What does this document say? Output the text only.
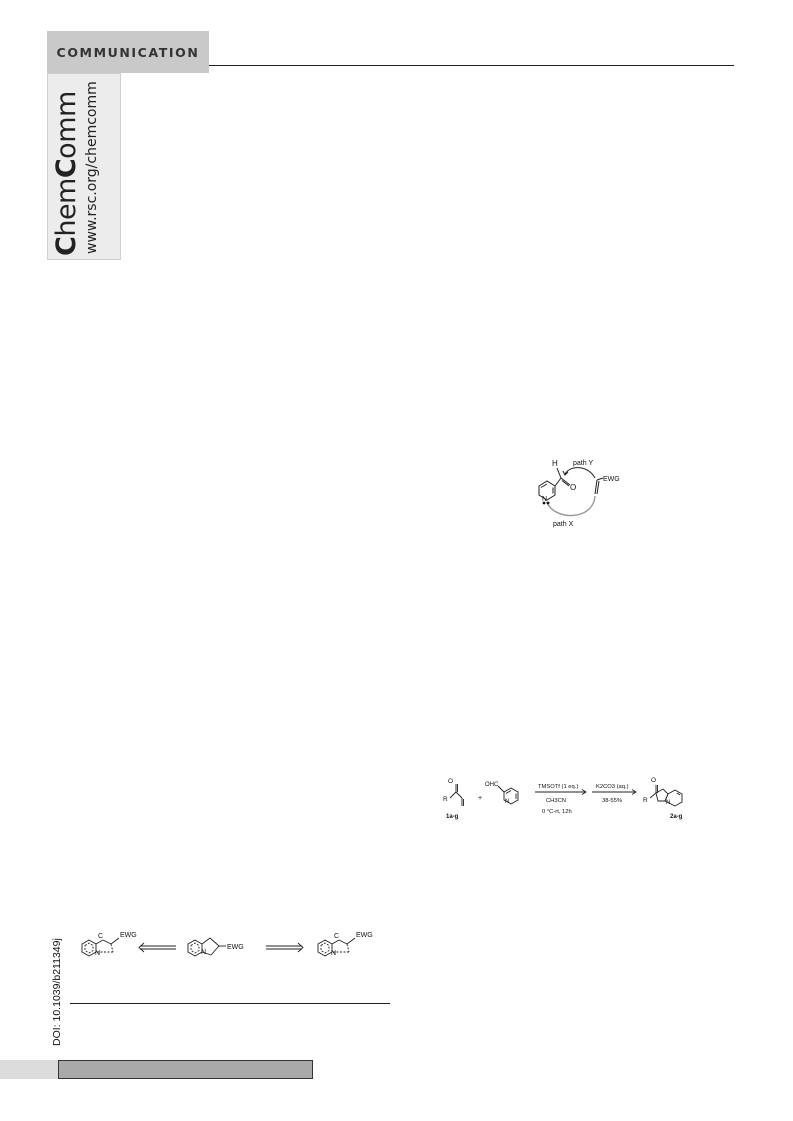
COMMUNICATION
ChemComm www.rsc.org/chemcomm
H
O
N
EWG
path Y
path X
O
R
1a-g
+
OHC
N
TMSOTf (1 eq.)
CH3CN
0 °C-rt, 12h
K2CO3 (aq.)
38-55%
O
R	N
2a-g
C
N
EWG
N
EWG
C
N
EWG
DOI: 10.1039/b211349j
